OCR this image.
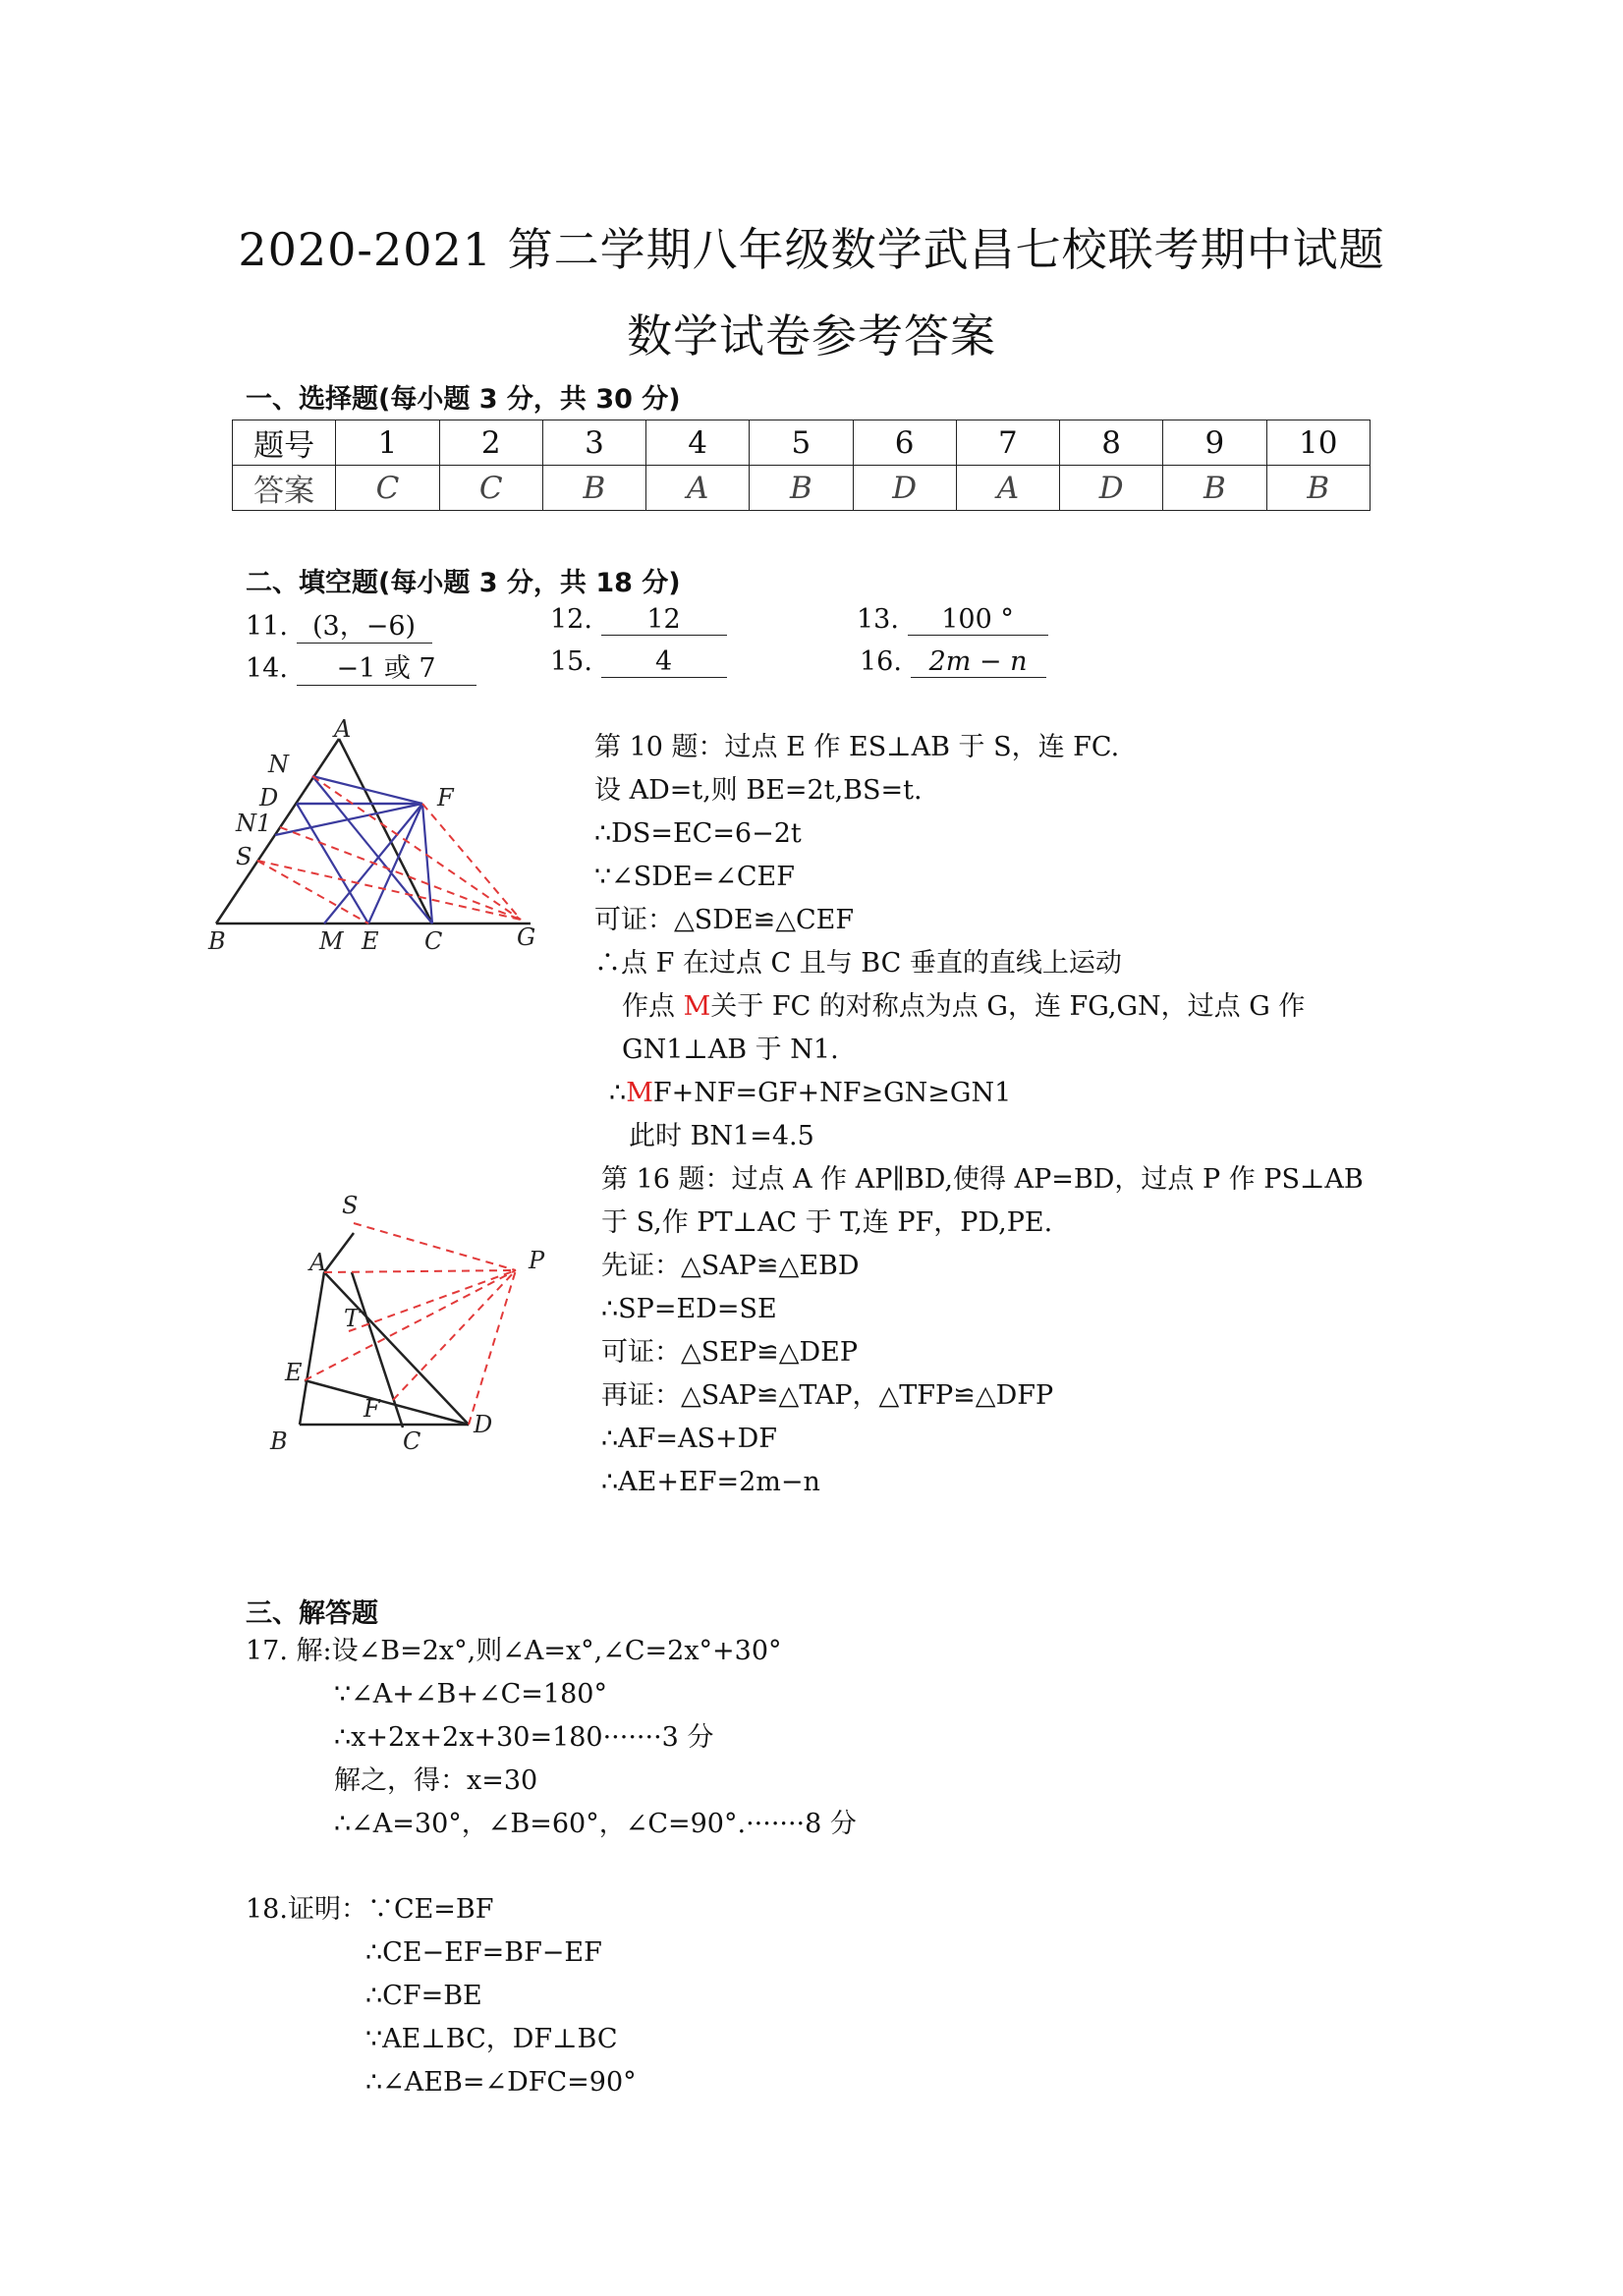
2020-2021 第二学期八年级数学武昌七校联考期中试题
数学试卷参考答案
一、选择题(每小题 3 分，共 30 分)
题号	1	2	3	4	5	6	7	8	9	10
答案	C	C	B	A	B	D	A	D	B	B
二、填空题(每小题 3 分，共 18 分)
11. (3，−6)	12. 12	13. 100 °
14. −1 或 7	15. 4	16. 2m − n
A
N
D
N1
S
F
B	M E C	G
第 10 题：过点 E 作 ES⊥AB 于 S，连 FC.
设 AD=t,则 BE=2t,BS=t.
∴DS=EC=6−2t
∵∠SDE=∠CEF
可证：△SDE≌△CEF
∴点 F 在过点 C 且与 BC 垂直的直线上运动
作点 M关于 FC 的对称点为点 G，连 FG,GN，过点 G 作
GN1⊥AB 于 N1.
∴MF+NF=GF+NF≥GN≥GN1
此时 BN1=4.5
S
A	P
T
E
F
B	C
D
第 16 题：过点 A 作 AP∥BD,使得 AP=BD，过点 P 作 PS⊥AB
于 S,作 PT⊥AC 于 T,连 PF，PD,PE.
先证：△SAP≌△EBD
∴SP=ED=SE
可证：△SEP≌△DEP
再证：△SAP≌△TAP，△TFP≌△DFP
∴AF=AS+DF
∴AE+EF=2m−n
三、解答题
17. 解:设∠B=2x°,则∠A=x°,∠C=2x°+30°
∵∠A+∠B+∠C=180°
∴x+2x+2x+30=180·······3 分
解之，得：x=30
∴∠A=30°，∠B=60°，∠C=90°.·······8 分
18.证明：∵CE=BF
∴CE−EF=BF−EF
∴CF=BE
∵AE⊥BC，DF⊥BC
∴∠AEB=∠DFC=90°
